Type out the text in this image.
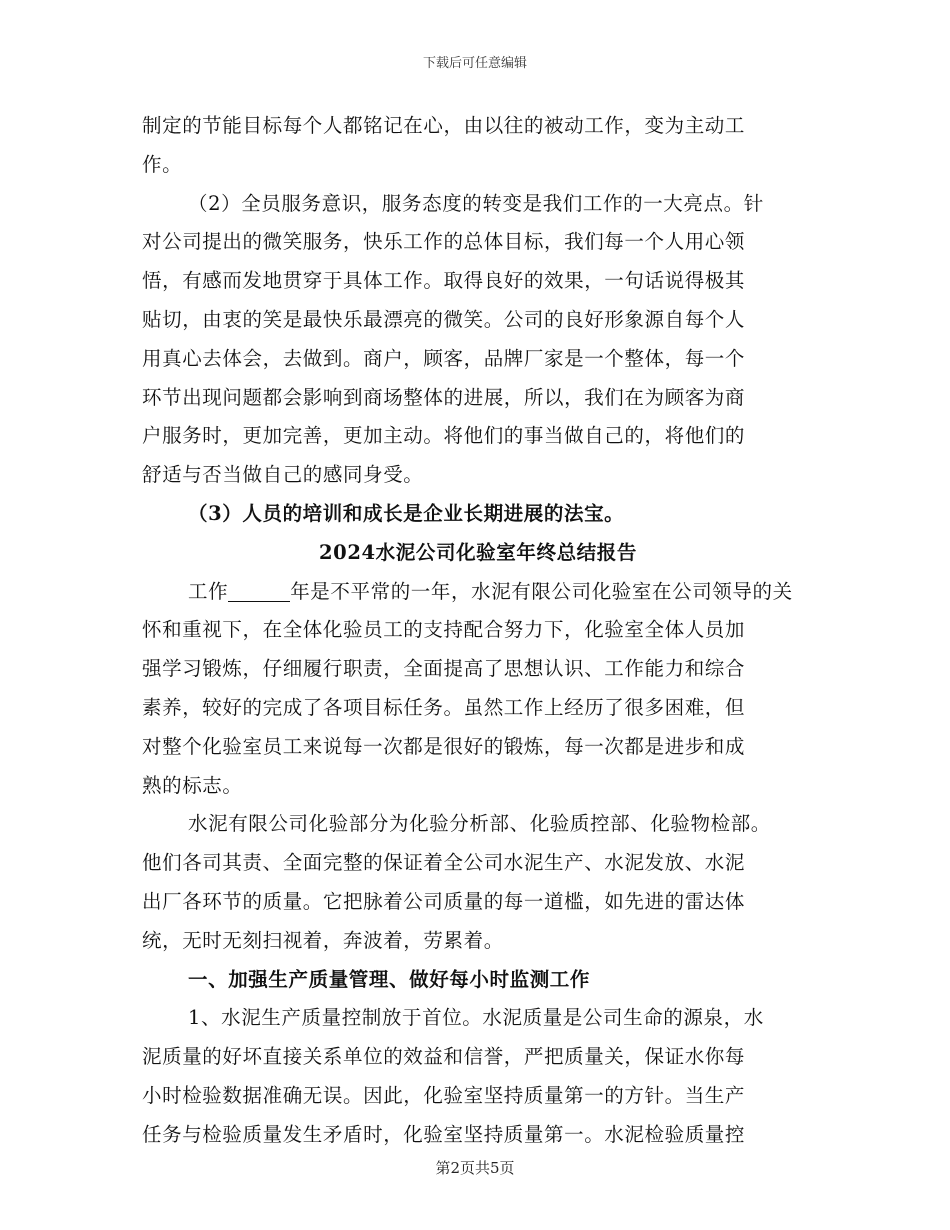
下载后可任意编辑
制定的节能目标每个人都铭记在心，由以往的被动工作，变为主动工
作。
（2）全员服务意识，服务态度的转变是我们工作的一大亮点。针
对公司提出的微笑服务，快乐工作的总体目标，我们每一个人用心领
悟，有感而发地贯穿于具体工作。取得良好的效果，一句话说得极其
贴切，由衷的笑是最快乐最漂亮的微笑。公司的良好形象源自每个人
用真心去体会，去做到。商户，顾客，品牌厂家是一个整体，每一个
环节出现问题都会影响到商场整体的进展，所以，我们在为顾客为商
户服务时，更加完善，更加主动。将他们的事当做自己的，将他们的
舒适与否当做自己的感同身受。
（3）人员的培训和成长是企业长期进展的法宝。
2024水泥公司化验室年终总结报告
工作	年是不平常的一年，水泥有限公司化验室在公司领导的关
怀和重视下，在全体化验员工的支持配合努力下，化验室全体人员加
强学习锻炼，仔细履行职责，全面提高了思想认识、工作能力和综合
素养，较好的完成了各项目标任务。虽然工作上经历了很多困难，但
对整个化验室员工来说每一次都是很好的锻炼，每一次都是进步和成
熟的标志。
水泥有限公司化验部分为化验分析部、化验质控部、化验物检部。
他们各司其责、全面完整的保证着全公司水泥生产、水泥发放、水泥
出厂各环节的质量。它把脉着公司质量的每一道槛，如先进的雷达体
统，无时无刻扫视着，奔波着，劳累着。
一、加强生产质量管理、做好每小时监测工作
1、水泥生产质量控制放于首位。水泥质量是公司生命的源泉，水
泥质量的好坏直接关系单位的效益和信誉，严把质量关，保证水你每
小时检验数据准确无误。因此，化验室坚持质量第一的方针。当生产
任务与检验质量发生矛盾时，化验室坚持质量第一。水泥检验质量控
第2页共5页
